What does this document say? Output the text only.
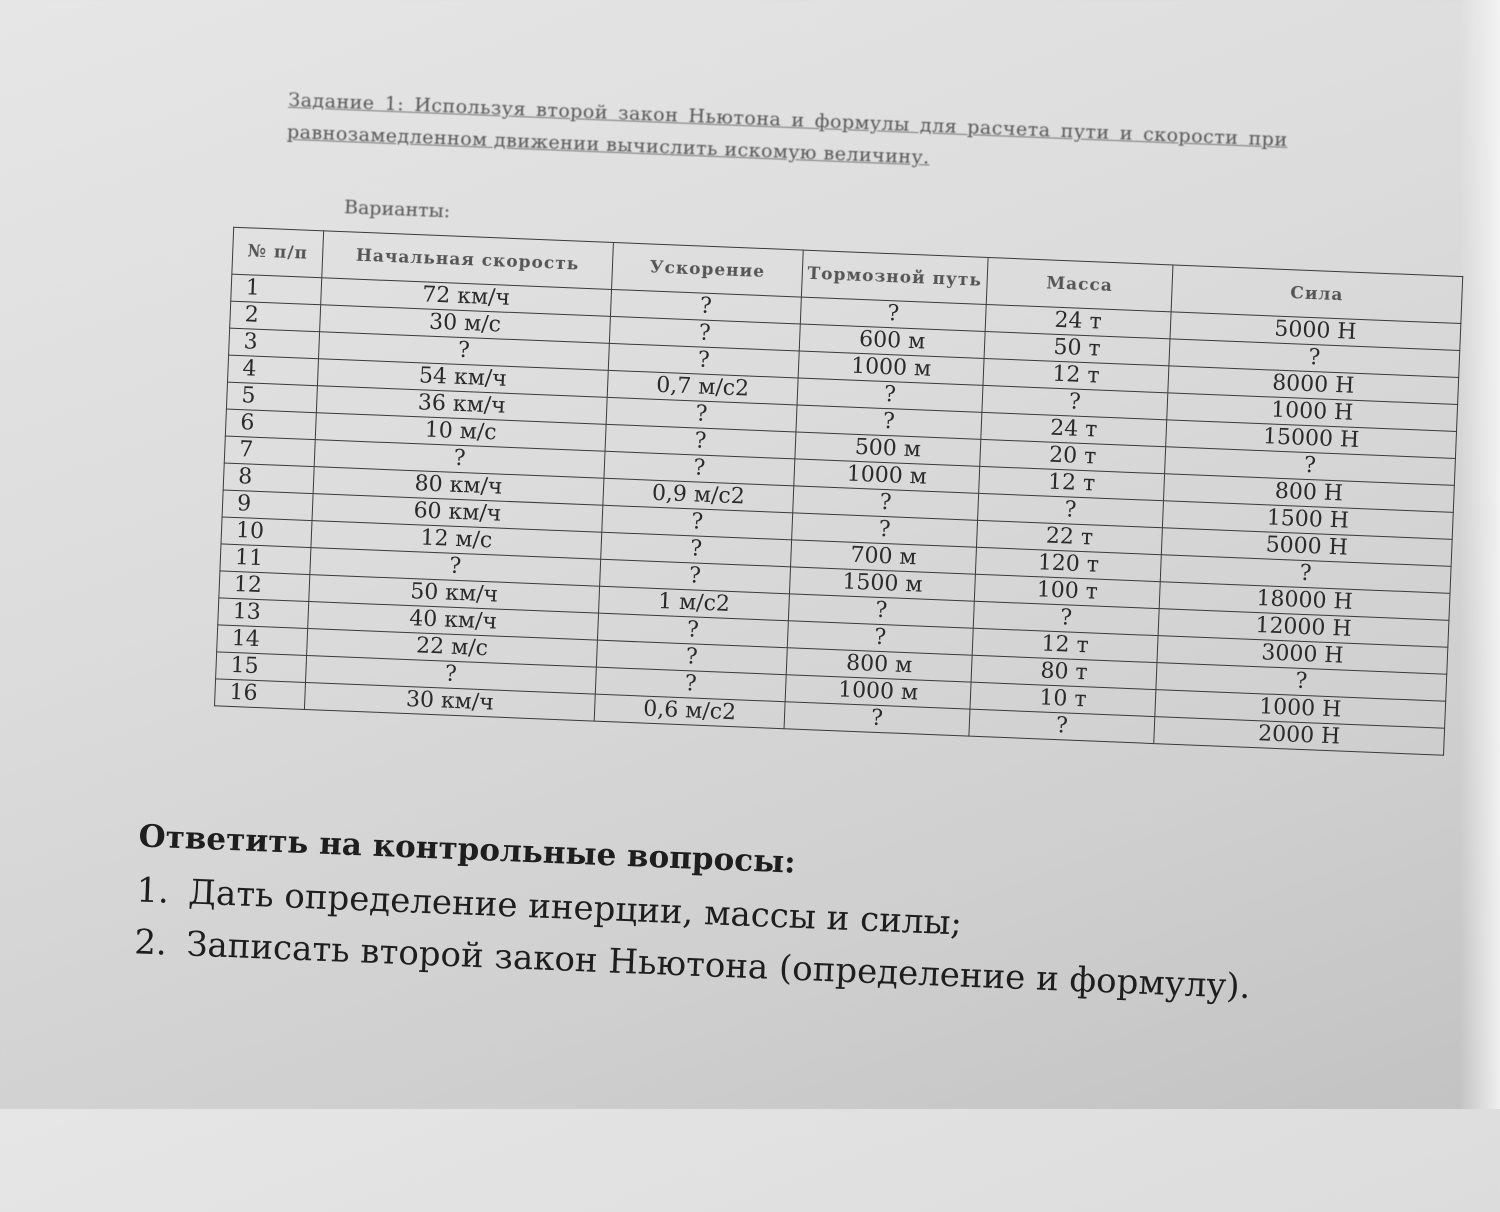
Задание 1: Используя второй закон Ньютона и формулы для расчета пути и скорости при равнозамедленном движении вычислить искомую величину.
Варианты:
№ п/п	Начальная скорость	Ускорение	Тормозной путь	Масса	Сила
1	72 км/ч	?	?	24 т	5000 Н
2	30 м/с	?	600 м	50 т	?
3	?	?	1000 м	12 т	8000 Н
4	54 км/ч	0,7 м/с2	?	?	1000 Н
5	36 км/ч	?	?	24 т	15000 Н
6	10 м/с	?	500 м	20 т	?
7	?	?	1000 м	12 т	800 Н
8	80 км/ч	0,9 м/с2	?	?	1500 Н
9	60 км/ч	?	?	22 т	5000 Н
10	12 м/с	?	700 м	120 т	?
11	?	?	1500 м	100 т	18000 Н
12	50 км/ч	1 м/с2	?	?	12000 Н
13	40 км/ч	?	?	12 т	3000 Н
14	22 м/с	?	800 м	80 т	?
15	?	?	1000 м	10 т	1000 Н
16	30 км/ч	0,6 м/с2	?	?	2000 Н
Ответить на контрольные вопросы:
1. Дать определение инерции, массы и силы;
2. Записать второй закон Ньютона (определение и формулу).
